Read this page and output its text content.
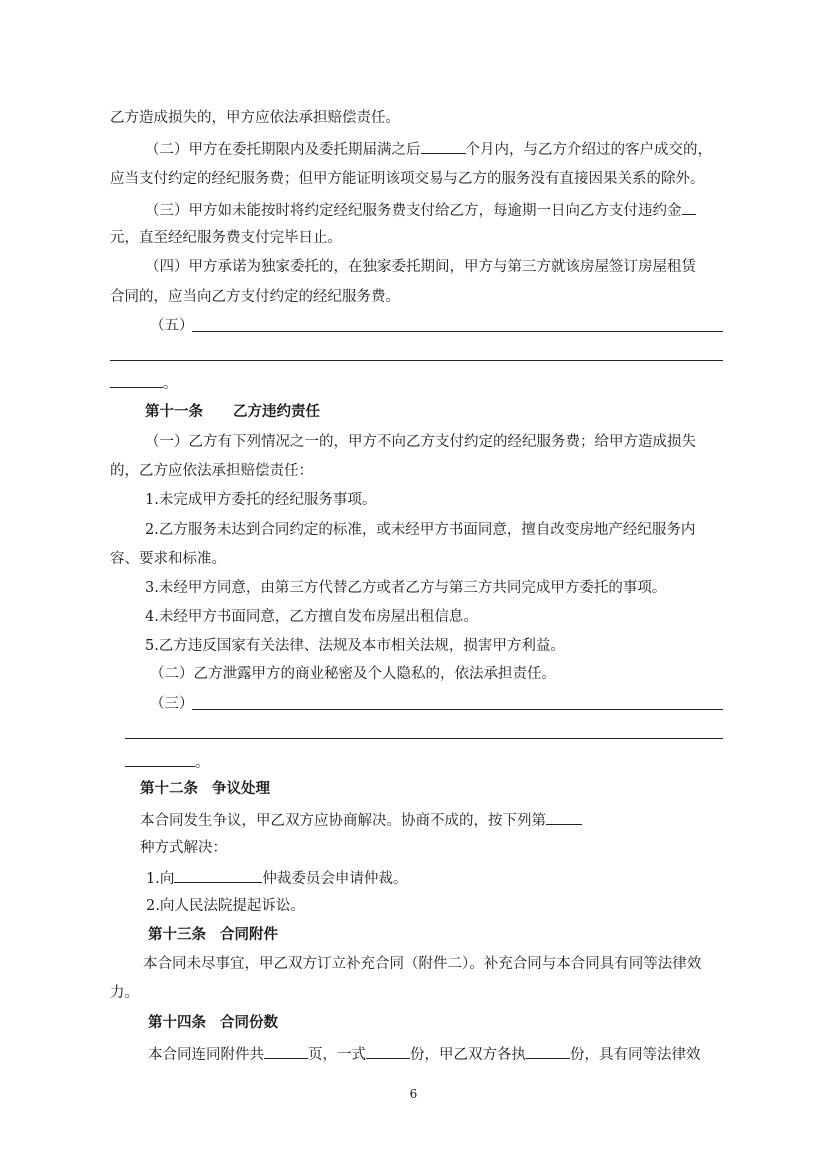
乙方造成损失的，甲方应依法承担赔偿责任。
（二）甲方在委托期限内及委托期届满之后	个月内，与乙方介绍过的客户成交的，
应当支付约定的经纪服务费；但甲方能证明该项交易与乙方的服务没有直接因果关系的除外。
（三）甲方如未能按时将约定经纪服务费支付给乙方，每逾期一日向乙方支付违约金
元，直至经纪服务费支付完毕日止。
（四）甲方承诺为独家委托的，在独家委托期间，甲方与第三方就该房屋签订房屋租赁
合同的，应当向乙方支付约定的经纪服务费。
（五）
。
第十一条 乙方违约责任
（一）乙方有下列情况之一的，甲方不向乙方支付约定的经纪服务费；给甲方造成损失
的，乙方应依法承担赔偿责任：
1.未完成甲方委托的经纪服务事项。
2.乙方服务未达到合同约定的标准，或未经甲方书面同意，擅自改变房地产经纪服务内
容、要求和标准。
3.未经甲方同意，由第三方代替乙方或者乙方与第三方共同完成甲方委托的事项。
4.未经甲方书面同意，乙方擅自发布房屋出租信息。
5.乙方违反国家有关法律、法规及本市相关法规，损害甲方利益。
（二）乙方泄露甲方的商业秘密及个人隐私的，依法承担责任。
（三）
。
第十二条 争议处理
本合同发生争议，甲乙双方应协商解决。协商不成的，按下列第
种方式解决：
1.向	仲裁委员会申请仲裁。
2.向人民法院提起诉讼。
第十三条 合同附件
本合同未尽事宜，甲乙双方订立补充合同（附件二）。补充合同与本合同具有同等法律效
力。
第十四条 合同份数
本合同连同附件共	页，一式	份，甲乙双方各执	份，具有同等法律效
6
